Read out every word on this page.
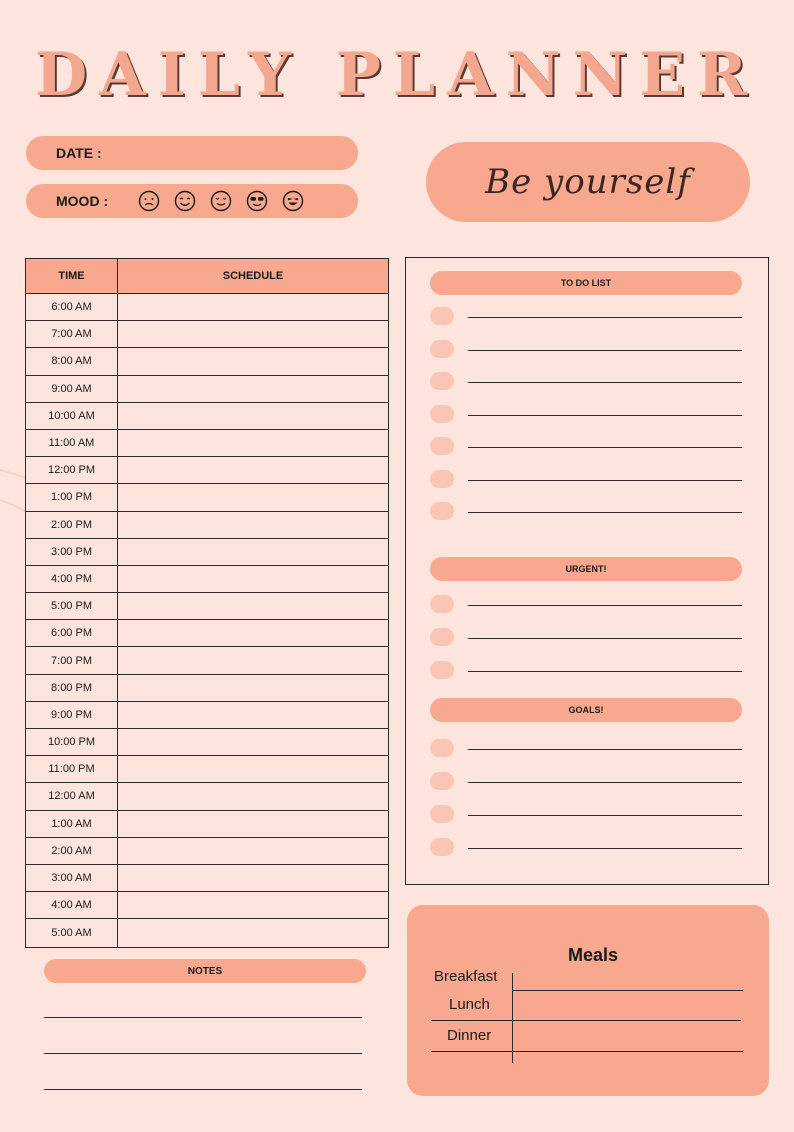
DAILY PLANNER
DATE :
MOOD :	Be yourself
TIME	SCHEDULE
6:00 AM
7:00 AM
8:00 AM
9:00 AM
10:00 AM
11:00 AM
12:00 PM
1:00 PM
2:00 PM
3:00 PM
4:00 PM
5:00 PM
6:00 PM
7:00 PM
8:00 PM
9:00 PM
10:00 PM
11:00 PM
12:00 AM
1:00 AM
2:00 AM
3:00 AM
4:00 AM
5:00 AM
NOTES
TO DO LIST
URGENT!
GOALS!
Meals
Breakfast
Lunch
Dinner
